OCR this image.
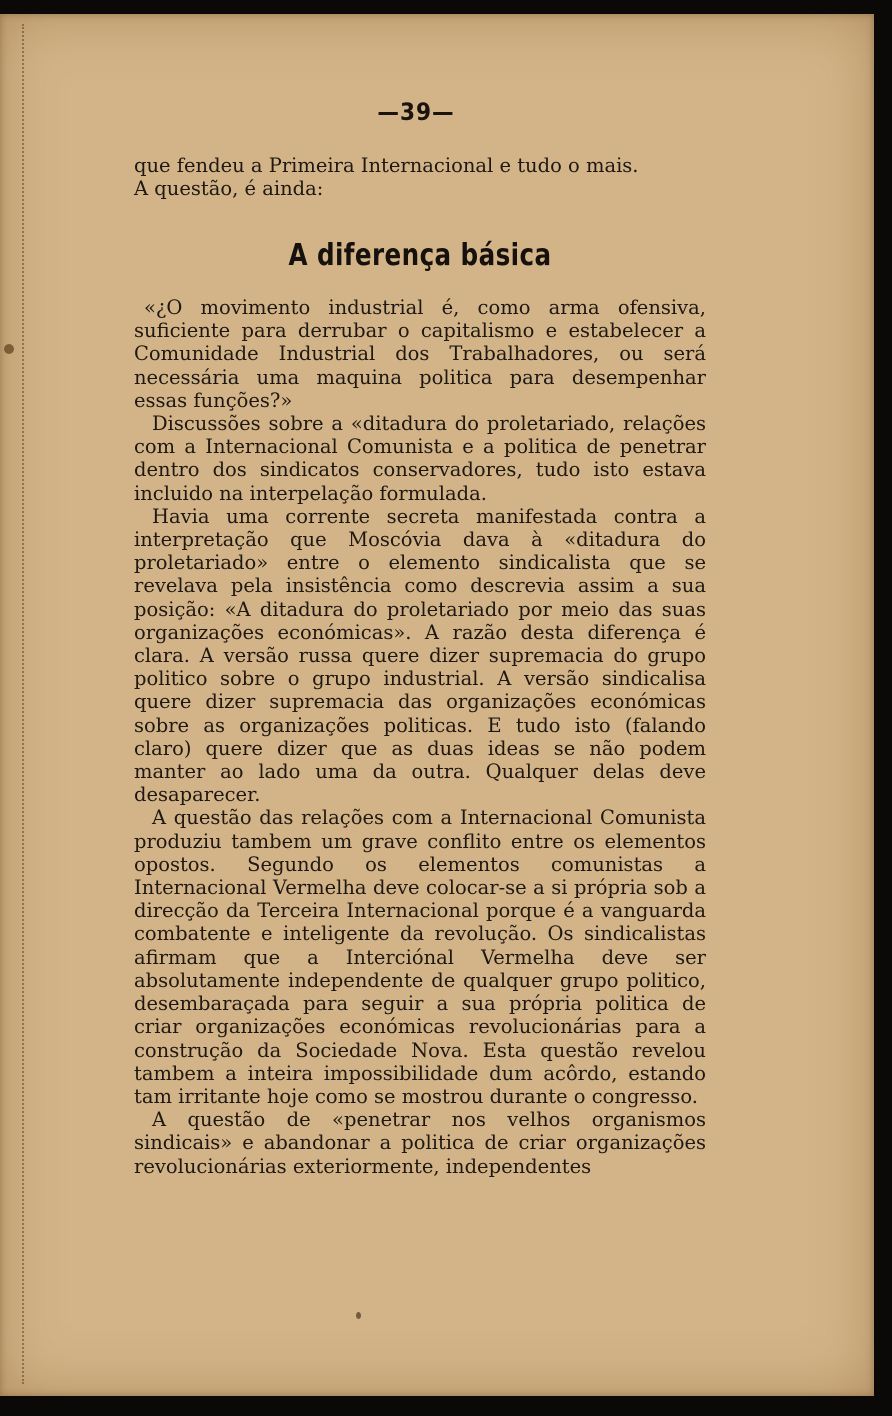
—39—

que fendeu a Primeira Internacional e tudo o mais.

A questão, é ainda:

A diferença básica

«¿O movimento industrial é, como arma ofensiva, suficiente para derrubar o capitalismo e estabelecer a Comunidade Industrial dos Trabalhadores, ou será necessária uma maquina politica para desempenhar essas funções?»

Discussões sobre a «ditadura do proletariado, relações com a Internacional Comunista e a politica de penetrar dentro dos sindicatos conservadores, tudo isto estava incluido na interpelação formulada.

Havia uma corrente secreta manifestada contra a interpretação que Moscóvia dava à «ditadura do proletariado» entre o elemento sindicalista que se revelava pela insistência como descrevia assim a sua posição: «A ditadura do proletariado por meio das suas organizações económicas». A razão desta diferença é clara. A versão russa quere dizer supremacia do grupo politico sobre o grupo industrial. A versão sindicalisa quere dizer supremacia das organizações económicas sobre as organizações politicas. E tudo isto (falando claro) quere dizer que as duas ideas se não podem manter ao lado uma da outra. Qualquer delas deve desaparecer.

A questão das relações com a Internacional Comunista produziu tambem um grave conflito entre os elementos opostos. Segundo os elementos comunistas a Internacional Vermelha deve colocar-se a si própria sob a direcção da Terceira Internacional porque é a vanguarda combatente e inteligente da revolução. Os sindicalistas afirmam que a Interciónal Vermelha deve ser absolutamente independente de qualquer grupo politico, desembaraçada para seguir a sua própria politica de criar organizações económicas revolucionárias para a construção da Sociedade Nova. Esta questão revelou tambem a inteira impossibilidade dum acôrdo, estando tam irritante hoje como se mostrou durante o congresso.

A questão de «penetrar nos velhos organismos sindicais» e abandonar a politica de criar organizações revolucionárias exteriormente, independentes
